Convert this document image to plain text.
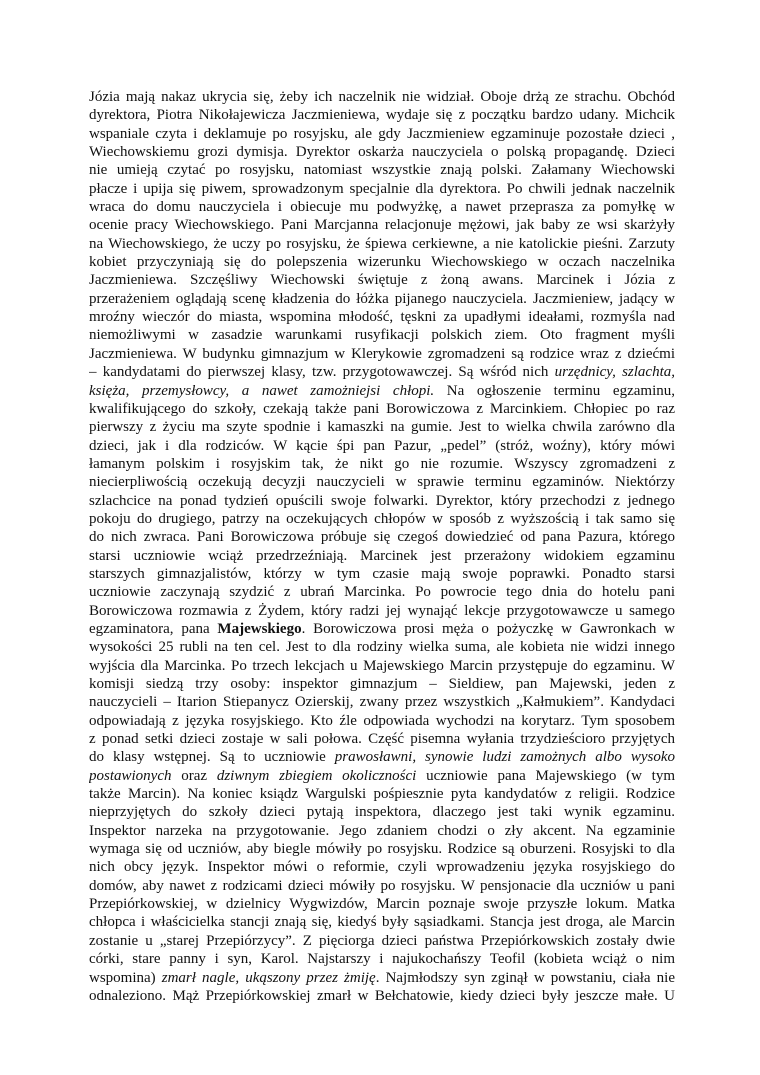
Józia mają nakaz ukrycia się, żeby ich naczelnik nie widział. Oboje drżą ze strachu. Obchód
dyrektora, Piotra Nikołajewicza Jaczmieniewa, wydaje się z początku bardzo udany. Michcik
wspaniale czyta i deklamuje po rosyjsku, ale gdy Jaczmieniew egzaminuje pozostałe dzieci ,
Wiechowskiemu grozi dymisja. Dyrektor oskarża nauczyciela o polską propagandę. Dzieci
nie umieją czytać po rosyjsku, natomiast wszystkie znają polski. Załamany Wiechowski
płacze i upija się piwem, sprowadzonym specjalnie dla dyrektora. Po chwili jednak naczelnik
wraca do domu nauczyciela i obiecuje mu podwyżkę, a nawet przeprasza za pomyłkę w
ocenie pracy Wiechowskiego. Pani Marcjanna relacjonuje mężowi, jak baby ze wsi skarżyły
na Wiechowskiego, że uczy po rosyjsku, że śpiewa cerkiewne, a nie katolickie pieśni. Zarzuty
kobiet przyczyniają się do polepszenia wizerunku Wiechowskiego w oczach naczelnika
Jaczmieniewa. Szczęśliwy Wiechowski świętuje z żoną awans. Marcinek i Józia z
przerażeniem oglądają scenę kładzenia do łóżka pijanego nauczyciela. Jaczmieniew, jadący w
mroźny wieczór do miasta, wspomina młodość, tęskni za upadłymi ideałami, rozmyśla nad
niemożliwymi w zasadzie warunkami rusyfikacji polskich ziem. Oto fragment myśli
Jaczmieniewa. W budynku gimnazjum w Klerykowie zgromadzeni są rodzice wraz z dziećmi
– kandydatami do pierwszej klasy, tzw. przygotowawczej. Są wśród nich urzędnicy, szlachta,
księża, przemysłowcy, a nawet zamożniejsi chłopi. Na ogłoszenie terminu egzaminu,
kwalifikującego do szkoły, czekają także pani Borowiczowa z Marcinkiem. Chłopiec po raz
pierwszy z życiu ma szyte spodnie i kamaszki na gumie. Jest to wielka chwila zarówno dla
dzieci, jak i dla rodziców. W kącie śpi pan Pazur, „pedel” (stróż, woźny), który mówi
łamanym polskim i rosyjskim tak, że nikt go nie rozumie. Wszyscy zgromadzeni z
niecierpliwością oczekują decyzji nauczycieli w sprawie terminu egzaminów. Niektórzy
szlachcice na ponad tydzień opuścili swoje folwarki. Dyrektor, który przechodzi z jednego
pokoju do drugiego, patrzy na oczekujących chłopów w sposób z wyższością i tak samo się
do nich zwraca. Pani Borowiczowa próbuje się czegoś dowiedzieć od pana Pazura, którego
starsi uczniowie wciąż przedrzeźniają. Marcinek jest przerażony widokiem egzaminu
starszych gimnazjalistów, którzy w tym czasie mają swoje poprawki. Ponadto starsi
uczniowie zaczynają szydzić z ubrań Marcinka. Po powrocie tego dnia do hotelu pani
Borowiczowa rozmawia z Żydem, który radzi jej wynająć lekcje przygotowawcze u samego
egzaminatora, pana Majewskiego. Borowiczowa prosi męża o pożyczkę w Gawronkach w
wysokości 25 rubli na ten cel. Jest to dla rodziny wielka suma, ale kobieta nie widzi innego
wyjścia dla Marcinka. Po trzech lekcjach u Majewskiego Marcin przystępuje do egzaminu. W
komisji siedzą trzy osoby: inspektor gimnazjum – Sieldiew, pan Majewski, jeden z
nauczycieli – Itarion Stiepanycz Ozierskij, zwany przez wszystkich „Kałmukiem”. Kandydaci
odpowiadają z języka rosyjskiego. Kto źle odpowiada wychodzi na korytarz. Tym sposobem
z ponad setki dzieci zostaje w sali połowa. Część pisemna wyłania trzydzieściоro przyjętych
do klasy wstępnej. Są to uczniowie prawosławni, synowie ludzi zamożnych albo wysoko
postawionych oraz dziwnym zbiegiem okoliczności uczniowie pana Majewskiego (w tym
także Marcin). Na koniec ksiądz Wargulski pośpiesznie pyta kandydatów z religii. Rodzice
nieprzyjętych do szkoły dzieci pytają inspektora, dlaczego jest taki wynik egzaminu.
Inspektor narzeka na przygotowanie. Jego zdaniem chodzi o zły akcent. Na egzaminie
wymaga się od uczniów, aby biegle mówiły po rosyjsku. Rodzice są oburzeni. Rosyjski to dla
nich obcy język. Inspektor mówi o reformie, czyli wprowadzeniu języka rosyjskiego do
domów, aby nawet z rodzicami dzieci mówiły po rosyjsku. W pensjonacie dla uczniów u pani
Przepiórkowskiej, w dzielnicy Wygwizdów, Marcin poznaje swoje przyszłe lokum. Matka
chłopca i właścicielka stancji znają się, kiedyś były sąsiadkami. Stancja jest droga, ale Marcin
zostanie u „starej Przepiórzycy”. Z pięciorga dzieci państwa Przepiórkowskich zostały dwie
córki, stare panny i syn, Karol. Najstarszy i najukochańszy Teofil (kobieta wciąż o nim
wspomina) zmarł nagle, ukąszony przez żmiję. Najmłodszy syn zginął w powstaniu, ciała nie
odnaleziono. Mąż Przepiórkowskiej zmarł w Bełchatowie, kiedy dzieci były jeszcze małe. U
